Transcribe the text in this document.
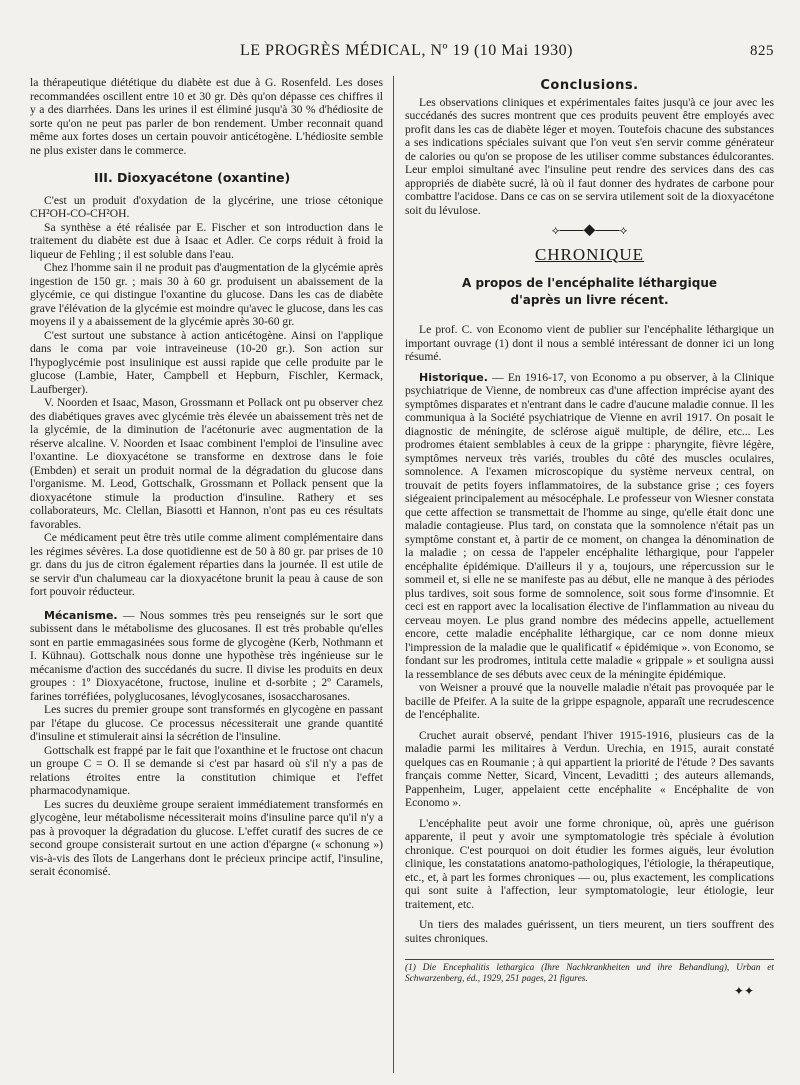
LE PROGRÈS MÉDICAL, Nº 19 (10 Mai 1930)	825

la thérapeutique diététique du diabète est due à G. Rosenfeld. Les doses recommandées oscillent entre 10 et 30 gr. Dès qu'on dépasse ces chiffres il y a des diarrhées. Dans les urines il est éliminé jusqu'à 30 % d'hédiosite de sorte qu'on ne peut pas parler de bon rendement. Umber reconnait quand même aux fortes doses un certain pouvoir anticétogène. L'hédiosite semble ne plus exister dans le commerce.

III. Dioxyacétone (oxantine)

C'est un produit d'oxydation de la glycérine, une triose cétonique CH²OH-CO-CH²OH.

Sa synthèse a été réalisée par E. Fischer et son introduction dans le traitement du diabète est due à Isaac et Adler. Ce corps réduit à froid la liqueur de Fehling ; il est soluble dans l'eau.

Chez l'homme sain il ne produit pas d'augmentation de la glycémie après ingestion de 150 gr. ; mais 30 à 60 gr. produisent un abaissement de la glycémie, ce qui distingue l'oxantine du glucose. Dans les cas de diabète grave l'élévation de la glycémie est moindre qu'avec le glucose, dans les cas moyens il y a abaissement de la glycémie après 30-60 gr.

C'est surtout une substance à action anticétogène. Ainsi on l'applique dans le coma par voie intraveineuse (10-20 gr.). Son action sur l'hypoglycémie post insulinique est aussi rapide que celle produite par le glucose (Lambie, Hater, Campbell et Hepburn, Fischler, Kermack, Laufberger).

V. Noorden et Isaac, Mason, Grossmann et Pollack ont pu observer chez des diabétiques graves avec glycémie très élevée un abaissement très net de la glycémie, de la diminution de l'acétonurie avec augmentation de la réserve alcaline. V. Noorden et Isaac combinent l'emploi de l'insuline avec l'oxantine. Le dioxyacétone se transforme en dextrose dans le foie (Embden) et serait un produit normal de la dégradation du glucose dans l'organisme. M. Leod, Gottschalk, Grossmann et Pollack pensent que la dioxyacétone stimule la production d'insuline. Rathery et ses collaborateurs, Mc. Clellan, Biasotti et Hannon, n'ont pas eu ces résultats favorables.

Ce médicament peut être très utile comme aliment complémentaire dans les régimes sévères. La dose quotidienne est de 50 à 80 gr. par prises de 10 gr. dans du jus de citron également réparties dans la journée. Il est utile de se servir d'un chalumeau car la dioxyacétone brunit la peau à cause de son fort pouvoir réducteur.

Mécanisme. — Nous sommes très peu renseignés sur le sort que subissent dans le métabolisme des glucosanes. Il est très probable qu'elles sont en partie emmagasinées sous forme de glycogène (Kerb, Nothmann et I. Kühnau). Gottschalk nous donne une hypothèse très ingénieuse sur le mécanisme d'action des succédanés du sucre. Il divise les produits en deux groupes : 1º Dioxyacétone, fructose, inuline et d-sorbite ; 2º Caramels, farines torréfiées, polyglucosanes, lévoglycosanes, isosaccharosanes.

Les sucres du premier groupe sont transformés en glycogène en passant par l'étape du glucose. Ce processus nécessiterait une grande quantité d'insuline et stimulerait ainsi la sécrétion de l'insuline.

Gottschalk est frappé par le fait que l'oxanthine et le fructose ont chacun un groupe C = O. Il se demande si c'est par hasard où s'il n'y a pas de relations étroites entre la constitution chimique et l'effet pharmacodynamique.

Les sucres du deuxième groupe seraient immédiatement transformés en glycogène, leur métabolisme nécessiterait moins d'insuline parce qu'il n'y a pas à provoquer la dégradation du glucose. L'effet curatif des sucres de ce second groupe consisterait surtout en une action d'épargne (« schonung ») vis-à-vis des îlots de Langerhans dont le précieux principe actif, l'insuline, serait économisé.

Conclusions.

Les observations cliniques et expérimentales faites jusqu'à ce jour avec les succédanés des sucres montrent que ces produits peuvent être employés avec profit dans les cas de diabète léger et moyen. Toutefois chacune des substances a ses indications spéciales suivant que l'on veut s'en servir comme générateur de calories ou qu'on se propose de les utiliser comme substances édulcorantes. Leur emploi simultané avec l'insuline peut rendre des services dans des cas appropriés de diabète sucré, là où il faut donner des hydrates de carbone pour combattre l'acidose. Dans ce cas on se servira utilement soit de la dioxyacétone soit du lévulose.

⟡━━◆━━⟡
CHRONIQUE
A propos de l'encéphalite léthargique
d'après un livre récent.

Le prof. C. von Economo vient de publier sur l'encéphalite léthargique un important ouvrage (1) dont il nous a semblé intéressant de donner ici un long résumé.

Historique. — En 1916-17, von Economo a pu observer, à la Clinique psychiatrique de Vienne, de nombreux cas d'une affection imprécise ayant des symptômes disparates et n'entrant dans le cadre d'aucune maladie connue. Il les communiqua à la Société psychiatrique de Vienne en avril 1917. On posait le diagnostic de méningite, de sclérose aiguë multiple, de délire, etc... Les prodromes étaient semblables à ceux de la grippe : pharyngite, fièvre légère, symptômes nerveux très variés, troubles du côté des muscles oculaires, somnolence. A l'examen microscopique du système nerveux central, on trouvait de petits foyers inflammatoires, de la substance grise ; ces foyers siégeaient principalement au mésocéphale. Le professeur von Wiesner constata que cette affection se transmettait de l'homme au singe, qu'elle était donc une maladie contagieuse. Plus tard, on constata que la somnolence n'était pas un symptôme constant et, à partir de ce moment, on changea la dénomination de la maladie ; on cessa de l'appeler encéphalite léthargique, pour l'appeler encéphalite épidémique. D'ailleurs il y a, toujours, une répercussion sur le sommeil et, si elle ne se manifeste pas au début, elle ne manque à des périodes plus tardives, soit sous forme de somnolence, soit sous forme d'insomnie. Et ceci est en rapport avec la localisation élective de l'inflammation au niveau du cerveau moyen. Le plus grand nombre des médecins appelle, actuellement encore, cette maladie encéphalite léthargique, car ce nom donne mieux l'impression de la maladie que le qualificatif « épidémique ». von Economo, se fondant sur les prodromes, intitula cette maladie « grippale » et souligna aussi la ressemblance de ses débuts avec ceux de la méningite épidémique.

von Weisner a prouvé que la nouvelle maladie n'était pas provoquée par le bacille de Pfeifer. A la suite de la grippe espagnole, apparaît une recrudescence de l'encéphalite.

Cruchet aurait observé, pendant l'hiver 1915-1916, plusieurs cas de la maladie parmi les militaires à Verdun. Urechia, en 1915, aurait constaté quelques cas en Roumanie ; à qui appartient la priorité de l'étude ? Des savants français comme Netter, Sicard, Vincent, Levaditti ; des auteurs allemands, Pappenheim, Luger, appelaient cette encéphalite « Encéphalite de von Economo ».

L'encéphalite peut avoir une forme chronique, où, après une guérison apparente, il peut y avoir une symptomatologie très spéciale à évolution chronique. C'est pourquoi on doit étudier les formes aiguës, leur évolution clinique, les constatations anatomo-pathologiques, l'étiologie, la thérapeutique, etc., et, à part les formes chroniques — ou, plus exactement, les complications qui sont suite à l'affection, leur symptomatologie, leur étiologie, leur traitement, etc.

Un tiers des malades guérissent, un tiers meurent, un tiers souffrent des suites chroniques.

(1) Die Encephalitis lethargica (Ihre Nachkrankheiten und ihre Behandlung), Urban et Schwarzenberg, éd., 1929, 251 pages, 21 figures.
✦✦
